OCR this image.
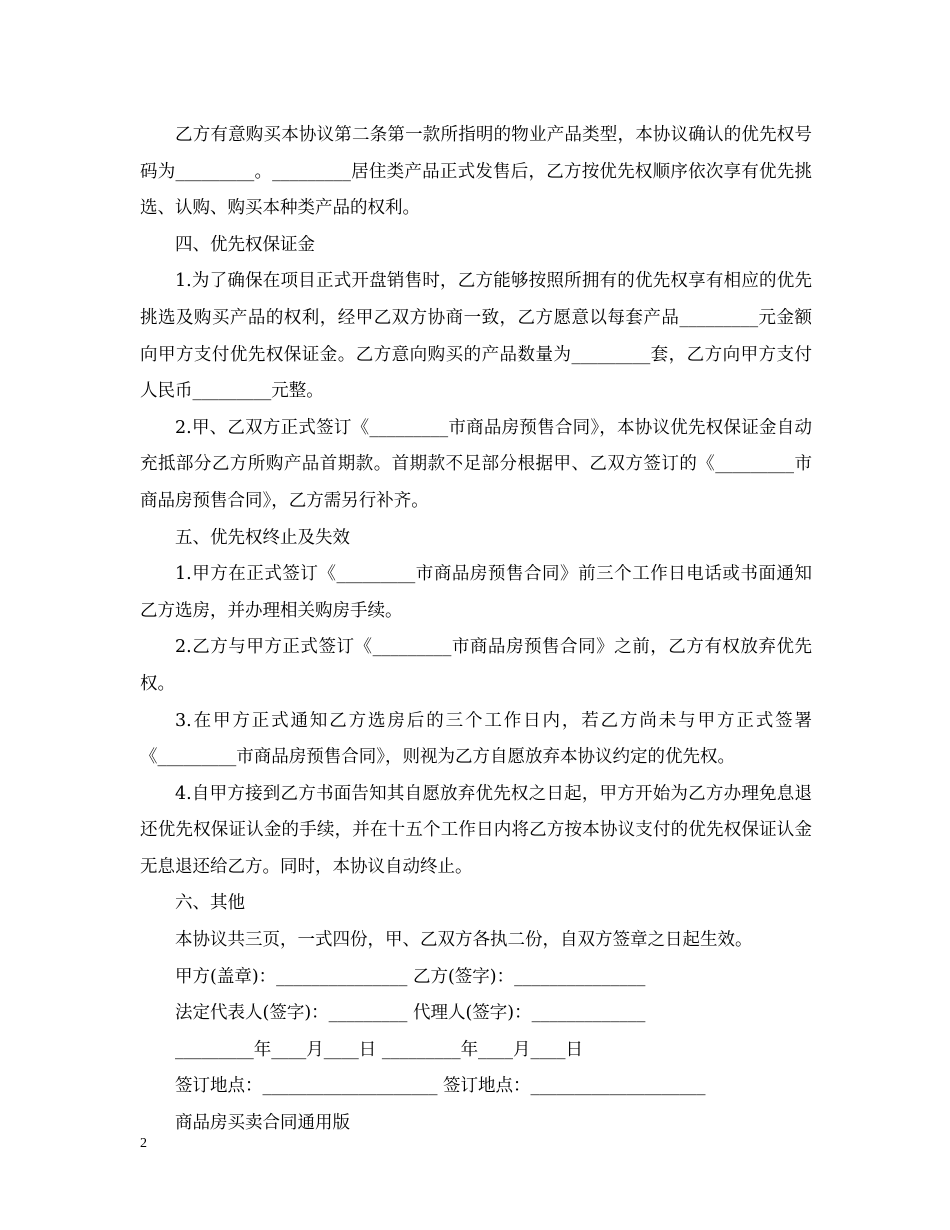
乙方有意购买本协议第二条第一款所指明的物业产品类型，本协议确认的优先权号码为_________。_________居住类产品正式发售后，乙方按优先权顺序依次享有优先挑选、认购、购买本种类产品的权利。

四、优先权保证金

1.为了确保在项目正式开盘销售时，乙方能够按照所拥有的优先权享有相应的优先挑选及购买产品的权利，经甲乙双方协商一致，乙方愿意以每套产品_________元金额向甲方支付优先权保证金。乙方意向购买的产品数量为_________套，乙方向甲方支付人民币_________元整。

2.甲、乙双方正式签订《_________市商品房预售合同》，本协议优先权保证金自动充抵部分乙方所购产品首期款。首期款不足部分根据甲、乙双方签订的《_________市商品房预售合同》，乙方需另行补齐。

五、优先权终止及失效

1.甲方在正式签订《_________市商品房预售合同》前三个工作日电话或书面通知乙方选房，并办理相关购房手续。

2.乙方与甲方正式签订《_________市商品房预售合同》之前，乙方有权放弃优先权。

3.在甲方正式通知乙方选房后的三个工作日内，若乙方尚未与甲方正式签署《_________市商品房预售合同》，则视为乙方自愿放弃本协议约定的优先权。

4.自甲方接到乙方书面告知其自愿放弃优先权之日起，甲方开始为乙方办理免息退还优先权保证认金的手续，并在十五个工作日内将乙方按本协议支付的优先权保证认金无息退还给乙方。同时，本协议自动终止。

六、其他

本协议共三页，一式四份，甲、乙双方各执二份，自双方签章之日起生效。

甲方(盖章)：_______________ 乙方(签字)：_______________

法定代表人(签字)：_________ 代理人(签字)：_____________

_________年____月____日 _________年____月____日

签订地点：____________________ 签订地点：____________________

商品房买卖合同通用版

2
